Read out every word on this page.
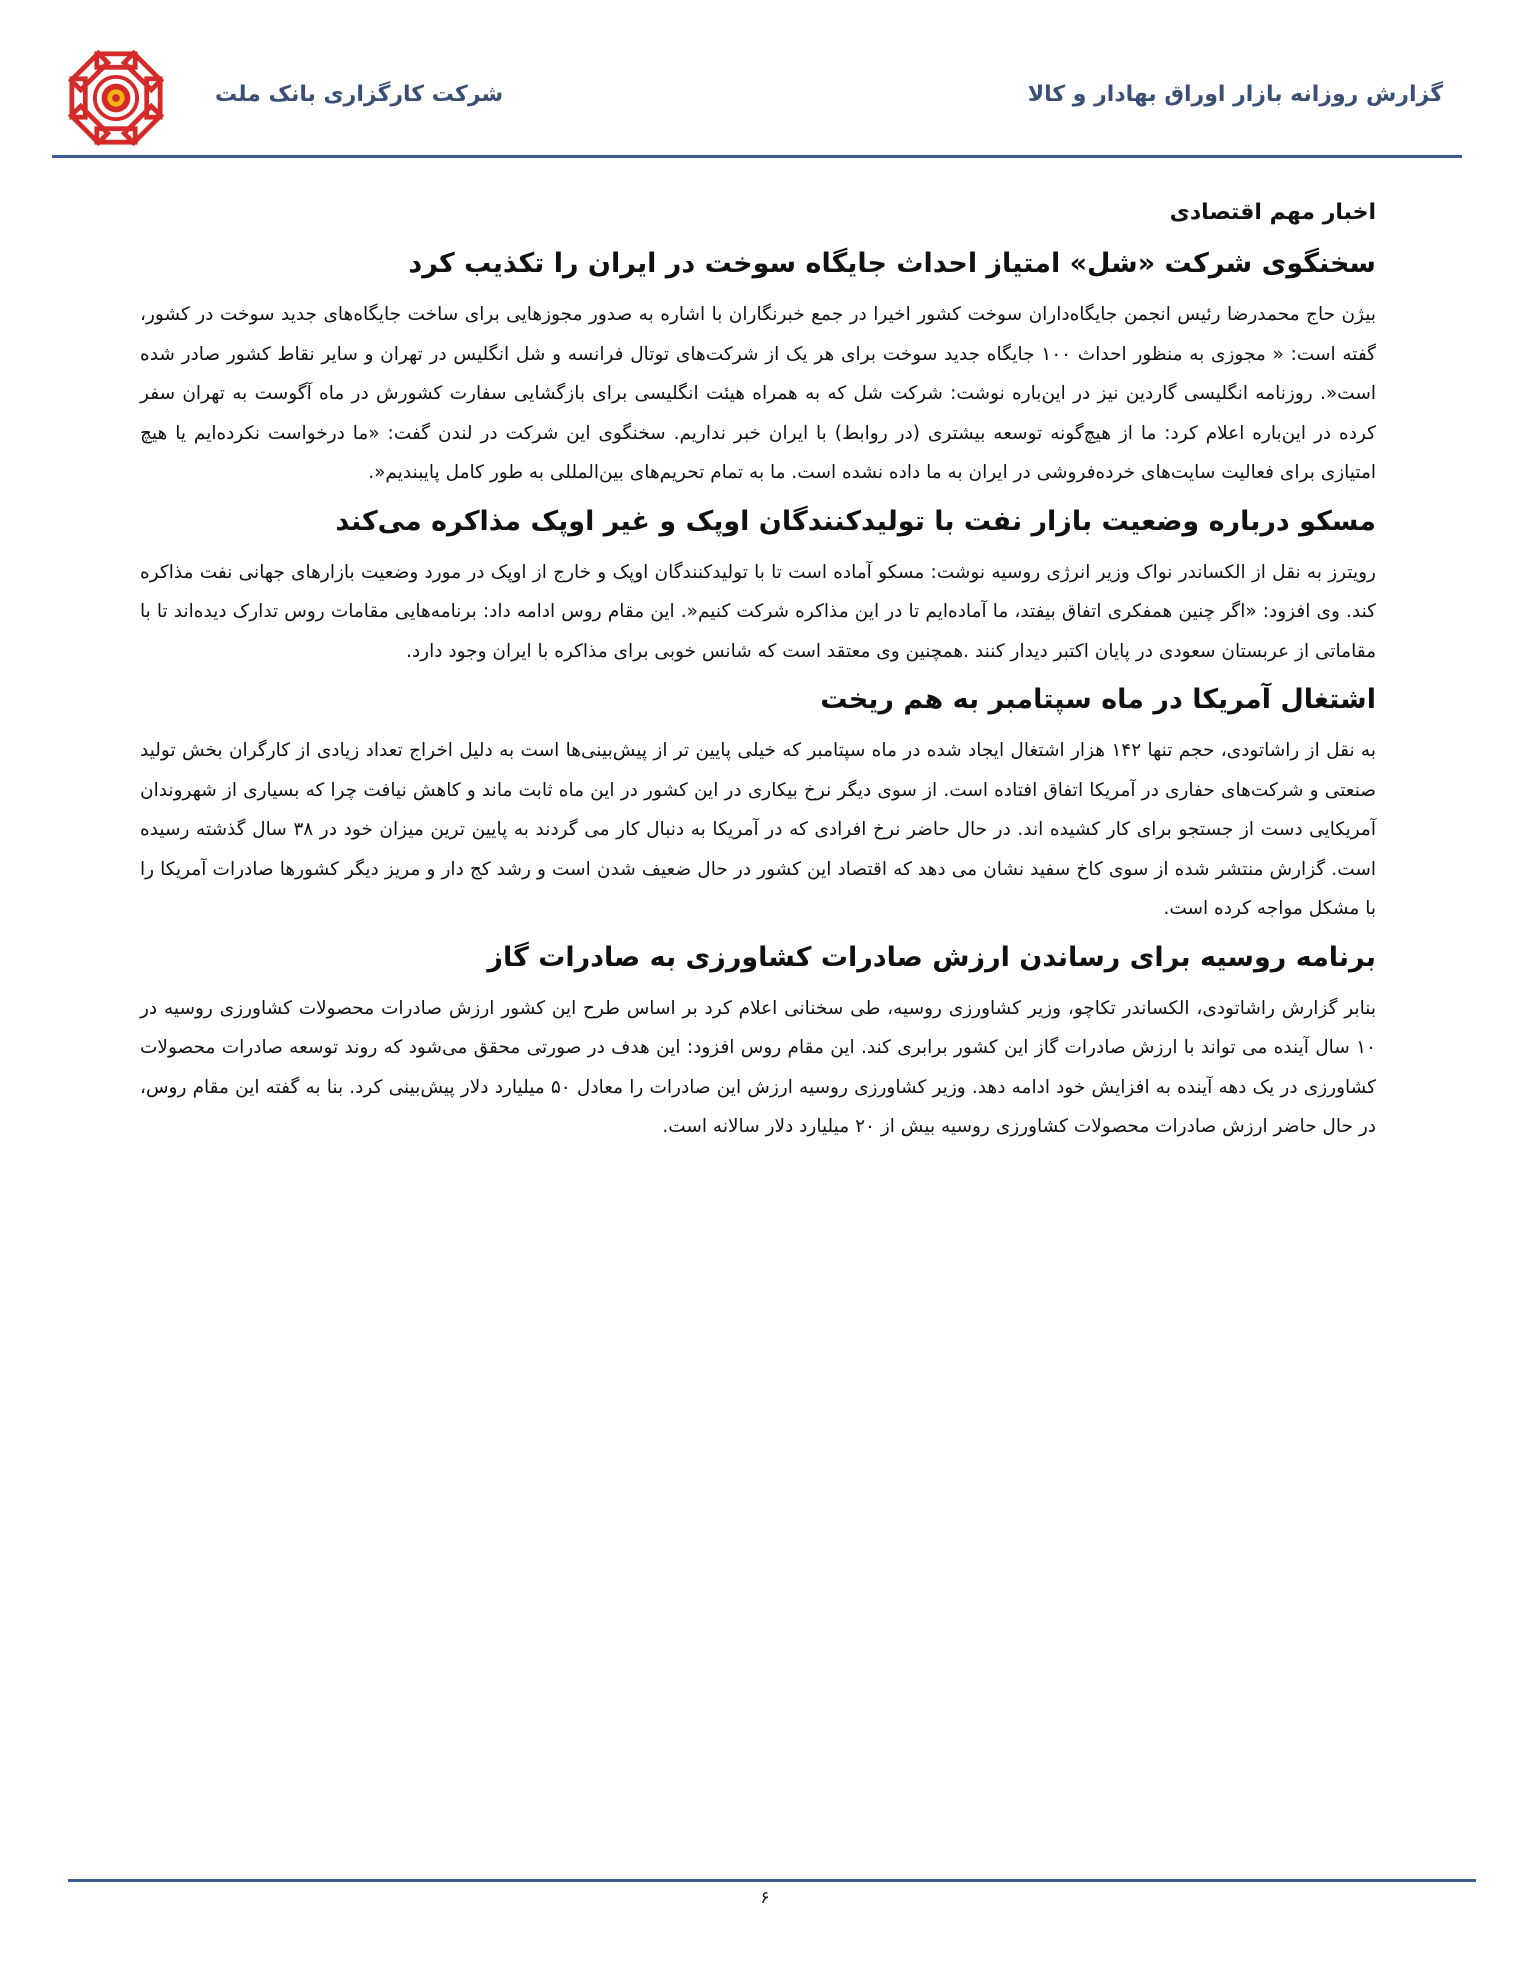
شرکت کارگزاری بانک ملت	گزارش روزانه بازار اوراق بهادار و کالا
اخبار مهم اقتصادی
سخنگوی شرکت «شل» امتیاز احداث جایگاه سوخت در ایران را تکذیب کرد

بیژن حاج محمدرضا رئیس انجمن جایگاه‌داران سوخت کشور اخیرا در جمع خبرنگاران با اشاره به صدور مجوزهایی برای ساخت جایگاه‌های جدید سوخت در کشور، گفته است: « مجوزی به منظور احداث ۱۰۰ جایگاه جدید سوخت برای هر یک از شرکت‌های توتال فرانسه و شل انگلیس در تهران و سایر نقاط کشور صادر شده است«. روزنامه انگلیسی گاردین نیز در این‌باره نوشت: شرکت شل که به همراه هیئت انگلیسی برای بازگشایی سفارت کشورش در ماه آگوست به تهران سفر کرده در این‌باره اعلام کرد: ما از هیچ‌گونه توسعه بیشتری (در روابط) با ایران خبر نداریم. سخنگوی این شرکت در لندن گفت: «ما درخواست نکرده‌ایم یا هیچ امتیازی برای فعالیت سایت‌های خرده‌فروشی در ایران به ما داده نشده است. ما به تمام تحریم‌های بین‌المللی به طور کامل پایبندیم«.

مسکو درباره وضعیت بازار نفت با تولیدکنندگان اوپک و غیر اوپک مذاکره می‌کند

رویترز به نقل از الکساندر نواک وزیر انرژی روسیه نوشت: مسکو آماده است تا با تولیدکنندگان اوپک و خارج از اوپک در مورد وضعیت بازارهای جهانی نفت مذاکره کند. وی افزود: «اگر چنین همفکری اتفاق بیفتد، ما آماده‌ایم تا در این مذاکره شرکت کنیم«. این مقام روس ادامه داد: برنامه‌هایی مقامات روس تدارک دیده‌اند تا با مقاماتی از عربستان سعودی در پایان اکتبر دیدار کنند .همچنین وی معتقد است که شانس خوبی برای مذاکره با ایران وجود دارد.

اشتغال آمریکا در ماه سپتامبر به هم ریخت

به نقل از راشاتودی، حجم تنها ۱۴۲ هزار اشتغال ایجاد شده در ماه سپتامبر که خیلی پایین تر از پیش‌بینی‌ها است به دلیل اخراج تعداد زیادی از کارگران بخش تولید صنعتی و شرکت‌های حفاری در آمریکا اتفاق افتاده است. از سوی دیگر نرخ بیکاری در این کشور در این ماه ثابت ماند و کاهش نیافت چرا که بسیاری از شهروندان آمریکایی دست از جستجو برای کار کشیده اند. در حال حاضر نرخ افرادی که در آمریکا به دنبال کار می گردند به پایین ترین میزان خود در ۳۸ سال گذشته رسیده است. گزارش منتشر شده از سوی کاخ سفید نشان می دهد که اقتصاد این کشور در حال ضعیف شدن است و رشد کج دار و مریز دیگر کشورها صادرات آمریکا را با مشکل مواجه کرده است.

برنامه روسیه برای رساندن ارزش صادرات کشاورزی به صادرات گاز

بنابر گزارش راشاتودی، الکساندر تکاچو، وزیر کشاورزی روسیه، طی سخنانی اعلام کرد بر اساس طرح این کشور ارزش صادرات محصولات کشاورزی روسیه در ۱۰ سال آینده می تواند با ارزش صادرات گاز این کشور برابری کند. این مقام روس افزود: این هدف در صورتی محقق می‌شود که روند توسعه صادرات محصولات کشاورزی در یک دهه آینده به افزایش خود ادامه دهد. وزیر کشاورزی روسیه ارزش این صادرات را معادل ۵۰ میلیارد دلار پیش‌بینی کرد. بنا به گفته این مقام روس، در حال حاضر ارزش صادرات محصولات کشاورزی روسیه بیش از ۲۰ میلیارد دلار سالانه است.

۶
